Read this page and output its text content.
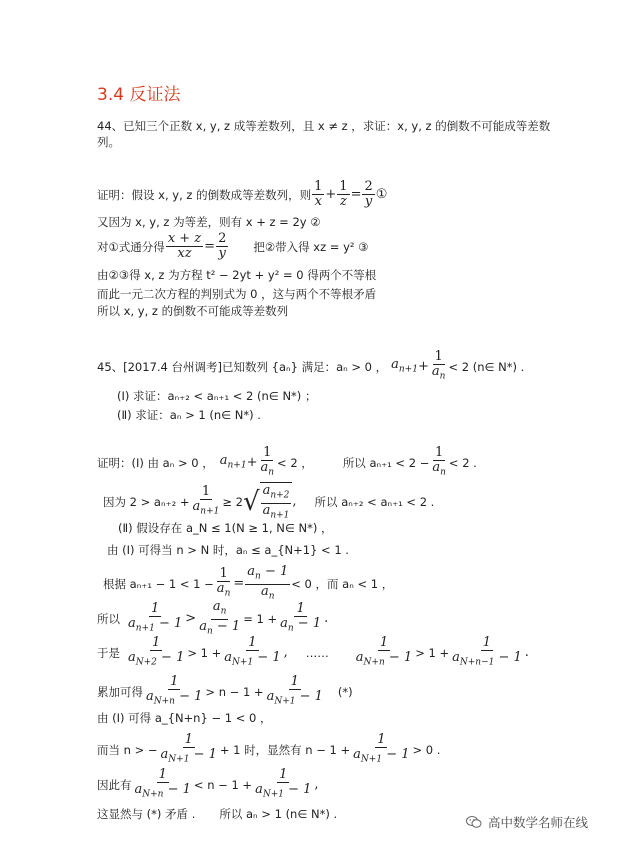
3.4 反证法
44、已知三个正数 x, y, z 成等差数列，且 x ≠ z ，求证：x, y, z 的倒数不可能成等差数
列。
证明：假设 x, y, z 的倒数成等差数列，则 $\frac{1}{x} + \frac{1}{z} = \frac{2}{y}$ ①
又因为 x, y, z 为等差，则有 x + z = 2y ②
对①式通分得 $\frac{x + z}{xz} = \frac{2}{y}$ 把②带入得 xz = y² ③
由②③得 x, z 为方程 t² − 2yt + y² = 0 得两个不等根
而此一元二次方程的判别式为 0 ，这与两个不等根矛盾
所以 x, y, z 的倒数不可能成等差数列
45、[2017.4 台州调考]已知数列 {aₙ} 满足：aₙ > 0 ， $a_{n+1} + \frac{1}{a_n} < 2$ (n∈ N*) .
(Ⅰ) 求证：aₙ₊₂ < aₙ₊₁ < 2 (n∈ N*) ；
(Ⅱ) 求证：aₙ > 1 (n∈ N*) .
证明：(Ⅰ) 由 aₙ > 0 ， $a_{n+1} + \frac{1}{a_n} < 2$ ，	所以 $a_{n+1} < 2 - \frac{1}{a_n} < 2$ .
因为 $2 > a_{n+2} + \frac{1}{a_{n+1}} \ge 2$ √ $\frac{a_{n+2}}{a_{n+1}}$ , 所以 aₙ₊₂ < aₙ₊₁ < 2 .
(Ⅱ) 假设存在 a_N ≤ 1(N ≥ 1, N∈ N*) ，
由 (Ⅰ) 可得当 n > N 时，aₙ ≤ a_{N+1} < 1 .
根据 $a_{n+1} - 1 < 1 - \frac{1}{a_n} = \frac{a_n - 1}{a_n} < 0$ ，而 aₙ < 1 ，
所以 $\frac{1}{a_{n+1} - 1} > \frac{a_n}{a_n - 1} = 1 + \frac{1}{a_n - 1}$ .
于是 $\frac{1}{a_{N+2} - 1} > 1 + \frac{1}{a_{N+1} - 1}$ , …… $\frac{1}{a_{N+n} - 1} > 1 + \frac{1}{a_{N+n-1} - 1}$ .
累加可得 $\frac{1}{a_{N+n} - 1} > n - 1 + \frac{1}{a_{N+1} - 1}$ (*)
由 (Ⅰ) 可得 a_{N+n} − 1 < 0 ，
而当 n > − $\frac{1}{a_{N+1} - 1} + 1$ 时，显然有 $n - 1 + \frac{1}{a_{N+1} - 1} > 0$ .
因此有 $\frac{1}{a_{N+n} - 1} < n - 1 + \frac{1}{a_{N+1} - 1}$ ,
这显然与 (*) 矛盾 . 所以 aₙ > 1 (n∈ N*) .
高中数学名师在线
